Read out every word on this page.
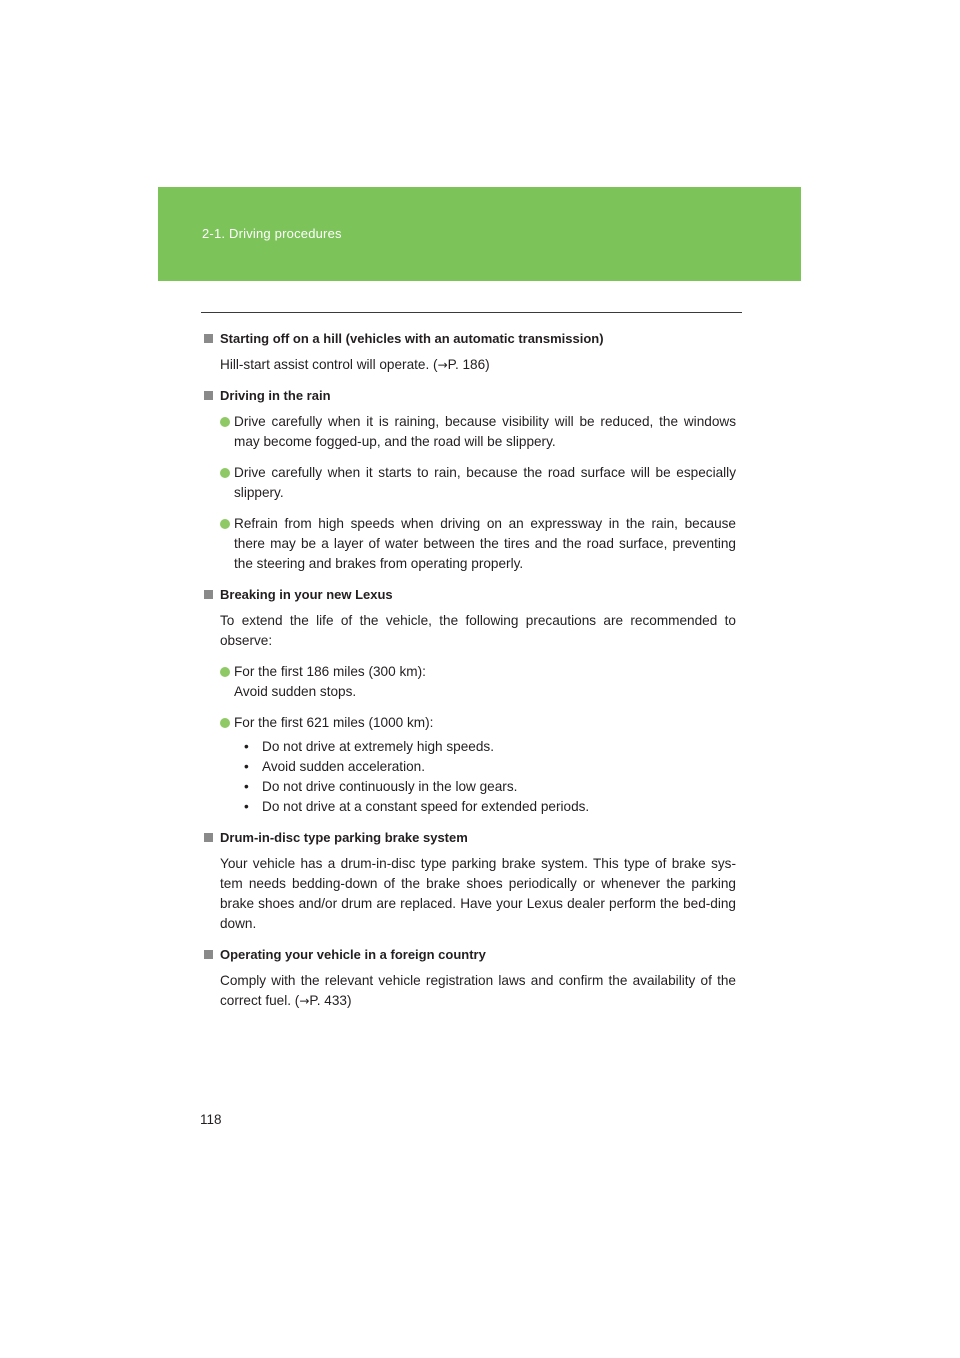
2-1. Driving procedures
Starting off on a hill (vehicles with an automatic transmission)

Hill-start assist control will operate. (→P. 186)

Driving in the rain
Drive carefully when it is raining, because visibility will be reduced, the windows may become fogged-up, and the road will be slippery.
Drive carefully when it starts to rain, because the road surface will be especially slippery.
Refrain from high speeds when driving on an expressway in the rain, because there may be a layer of water between the tires and the road surface, preventing the steering and brakes from operating properly.
Breaking in your new Lexus

To extend the life of the vehicle, the following precautions are recommended to observe:

For the first 186 miles (300 km):
Avoid sudden stops.
For the first 621 miles (1000 km):
• Do not drive at extremely high speeds.
• Avoid sudden acceleration.
• Do not drive continuously in the low gears.
• Do not drive at a constant speed for extended periods.
Drum-in-disc type parking brake system

Your vehicle has a drum-in-disc type parking brake system. This type of brake sys-tem needs bedding-down of the brake shoes periodically or whenever the parking brake shoes and/or drum are replaced. Have your Lexus dealer perform the bed-ding down.

Operating your vehicle in a foreign country

Comply with the relevant vehicle registration laws and confirm the availability of the correct fuel. (→P. 433)

118
